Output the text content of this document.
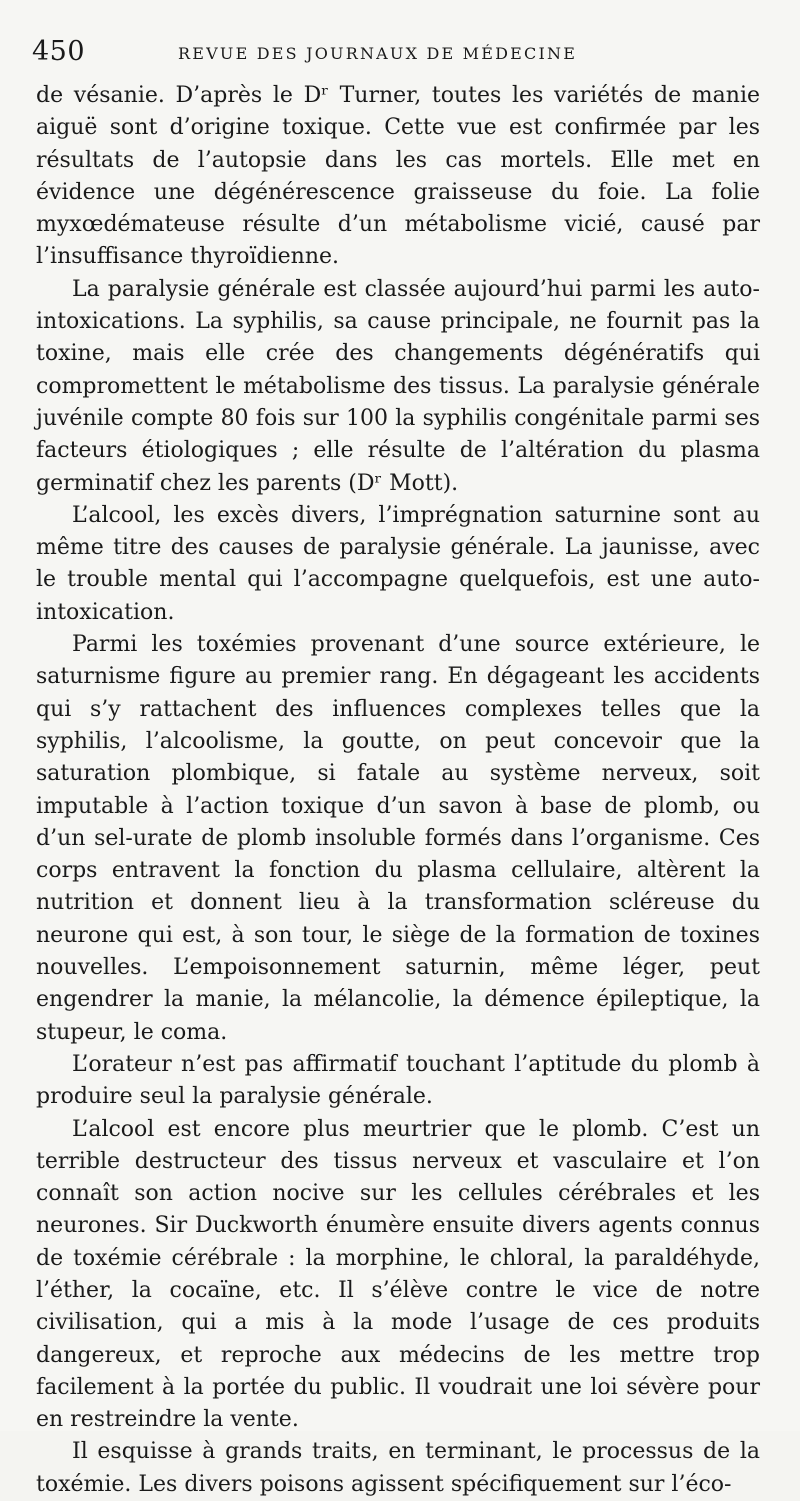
450	REVUE DES JOURNAUX DE MÉDECINE

de vésanie. D’après le Dʳ Turner, toutes les variétés de manie aiguë sont d’origine toxique. Cette vue est confirmée par les résultats de l’autopsie dans les cas mortels. Elle met en évidence une dégénérescence graisseuse du foie. La folie myxœdémateuse résulte d’un métabolisme vicié, causé par l’insuffisance thyroïdienne.

La paralysie générale est classée aujourd’hui parmi les auto-intoxications. La syphilis, sa cause principale, ne fournit pas la toxine, mais elle crée des changements dégénératifs qui compromettent le métabolisme des tissus. La paralysie générale juvénile compte 80 fois sur 100 la syphilis congénitale parmi ses facteurs étiologiques ; elle résulte de l’altération du plasma germinatif chez les parents (Dʳ Mott).

L’alcool, les excès divers, l’imprégnation saturnine sont au même titre des causes de paralysie générale. La jaunisse, avec le trouble mental qui l’accompagne quelquefois, est une auto-intoxication.

Parmi les toxémies provenant d’une source extérieure, le saturnisme figure au premier rang. En dégageant les accidents qui s’y rattachent des influences complexes telles que la syphilis, l’alcoolisme, la goutte, on peut concevoir que la saturation plombique, si fatale au système nerveux, soit imputable à l’action toxique d’un savon à base de plomb, ou d’un sel-urate de plomb insoluble formés dans l’organisme. Ces corps entravent la fonction du plasma cellulaire, altèrent la nutrition et donnent lieu à la transformation scléreuse du neurone qui est, à son tour, le siège de la formation de toxines nouvelles. L’empoisonnement saturnin, même léger, peut engendrer la manie, la mélancolie, la démence épileptique, la stupeur, le coma.

L’orateur n’est pas affirmatif touchant l’aptitude du plomb à produire seul la paralysie générale.

L’alcool est encore plus meurtrier que le plomb. C’est un terrible destructeur des tissus nerveux et vasculaire et l’on connaît son action nocive sur les cellules cérébrales et les neurones. Sir Duckworth énumère ensuite divers agents connus de toxémie cérébrale : la morphine, le chloral, la paraldéhyde, l’éther, la cocaïne, etc. Il s’élève contre le vice de notre civilisation, qui a mis à la mode l’usage de ces produits dangereux, et reproche aux médecins de les mettre trop facilement à la portée du public. Il voudrait une loi sévère pour en restreindre la vente.

Il esquisse à grands traits, en terminant, le processus de la toxémie. Les divers poisons agissent spécifiquement sur l’éco-
